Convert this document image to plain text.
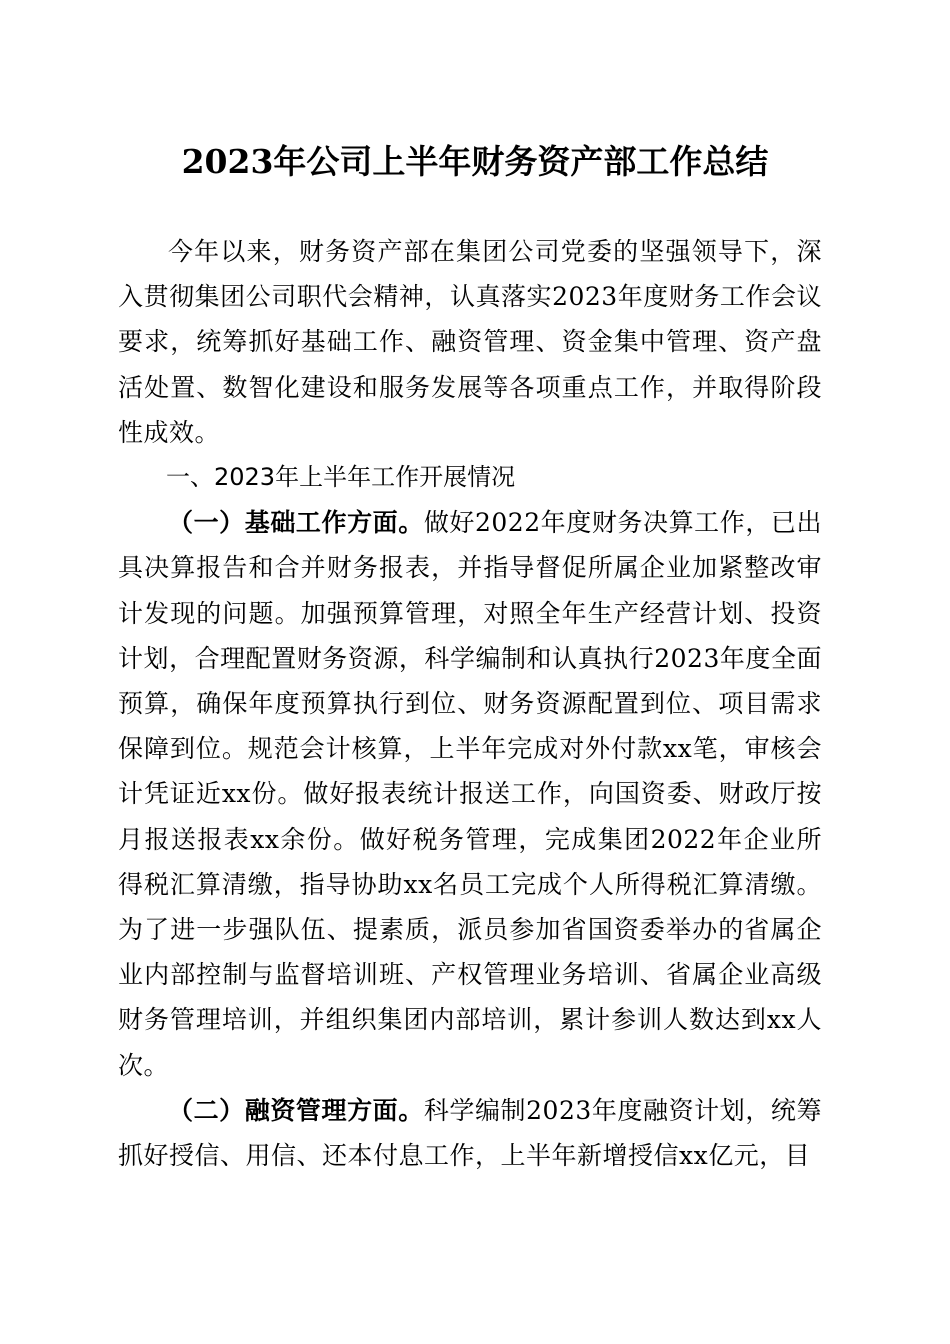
2023年公司上半年财务资产部工作总结

今年以来，财务资产部在集团公司党委的坚强领导下，深入贯彻集团公司职代会精神，认真落实2023年度财务工作会议要求，统筹抓好基础工作、融资管理、资金集中管理、资产盘活处置、数智化建设和服务发展等各项重点工作，并取得阶段性成效。

一、2023年上半年工作开展情况

（一）基础工作方面。做好2022年度财务决算工作，已出具决算报告和合并财务报表，并指导督促所属企业加紧整改审计发现的问题。加强预算管理，对照全年生产经营计划、投资计划，合理配置财务资源，科学编制和认真执行2023年度全面预算，确保年度预算执行到位、财务资源配置到位、项目需求保障到位。规范会计核算，上半年完成对外付款xx笔，审核会计凭证近xx份。做好报表统计报送工作，向国资委、财政厅按月报送报表xx余份。做好税务管理，完成集团2022年企业所得税汇算清缴，指导协助xx名员工完成个人所得税汇算清缴。为了进一步强队伍、提素质，派员参加省国资委举办的省属企业内部控制与监督培训班、产权管理业务培训、省属企业高级财务管理培训，并组织集团内部培训，累计参训人数达到xx人次。

（二）融资管理方面。科学编制2023年度融资计划，统筹抓好授信、用信、还本付息工作，上半年新增授信xx亿元，目
